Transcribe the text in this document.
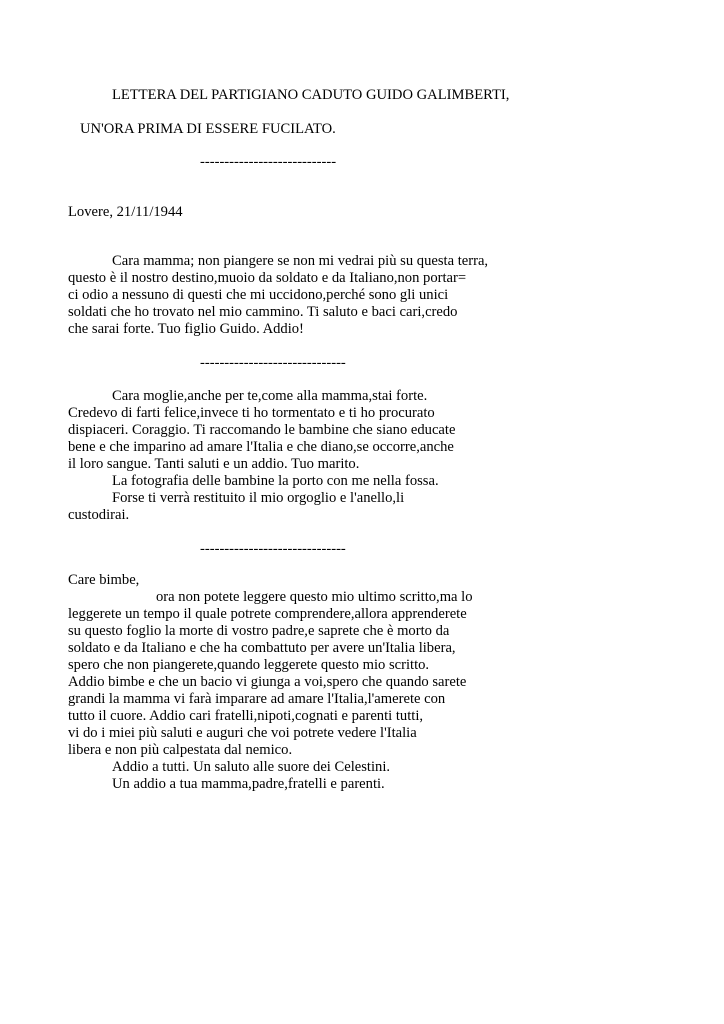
LETTERA DEL PARTIGIANO CADUTO GUIDO GALIMBERTI,
UN'ORA PRIMA DI ESSERE FUCILATO.
----------------------------
Lovere, 21/11/1944
Cara mamma; non piangere se non mi vedrai più su questa terra,
questo è il nostro destino,muoio da soldato e da Italiano,non portar=
ci odio a nessuno di questi che mi uccidono,perché sono gli unici
soldati che ho trovato nel mio cammino. Ti saluto e baci cari,credo
che sarai forte. Tuo figlio Guido. Addio!
------------------------------
Cara moglie,anche per te,come alla mamma,stai forte.
Credevo di farti felice,invece ti ho tormentato e ti ho procurato
dispiaceri. Coraggio. Ti raccomando le bambine che siano educate
bene e che imparino ad amare l'Italia e che diano,se occorre,anche
il loro sangue. Tanti saluti e un addio. Tuo marito.
La fotografia delle bambine la porto con me nella fossa.
Forse ti verrà restituito il mio orgoglio e l'anello,li
custodirai.
------------------------------
Care bimbe,
ora non potete leggere questo mio ultimo scritto,ma lo
leggerete un tempo il quale potrete comprendere,allora apprenderete
su questo foglio la morte di vostro padre,e saprete che è morto da
soldato e da Italiano e che ha combattuto per avere un'Italia libera,
spero che non piangerete,quando leggerete questo mio scritto.
Addio bimbe e che un bacio vi giunga a voi,spero che quando sarete
grandi la mamma vi farà imparare ad amare l'Italia,l'amerete con
tutto il cuore. Addio cari fratelli,nipoti,cognati e parenti tutti,
vi do i miei più saluti e auguri che voi potrete vedere l'Italia
libera e non più calpestata dal nemico.
Addio a tutti. Un saluto alle suore dei Celestini.
Un addio a tua mamma,padre,fratelli e parenti.
